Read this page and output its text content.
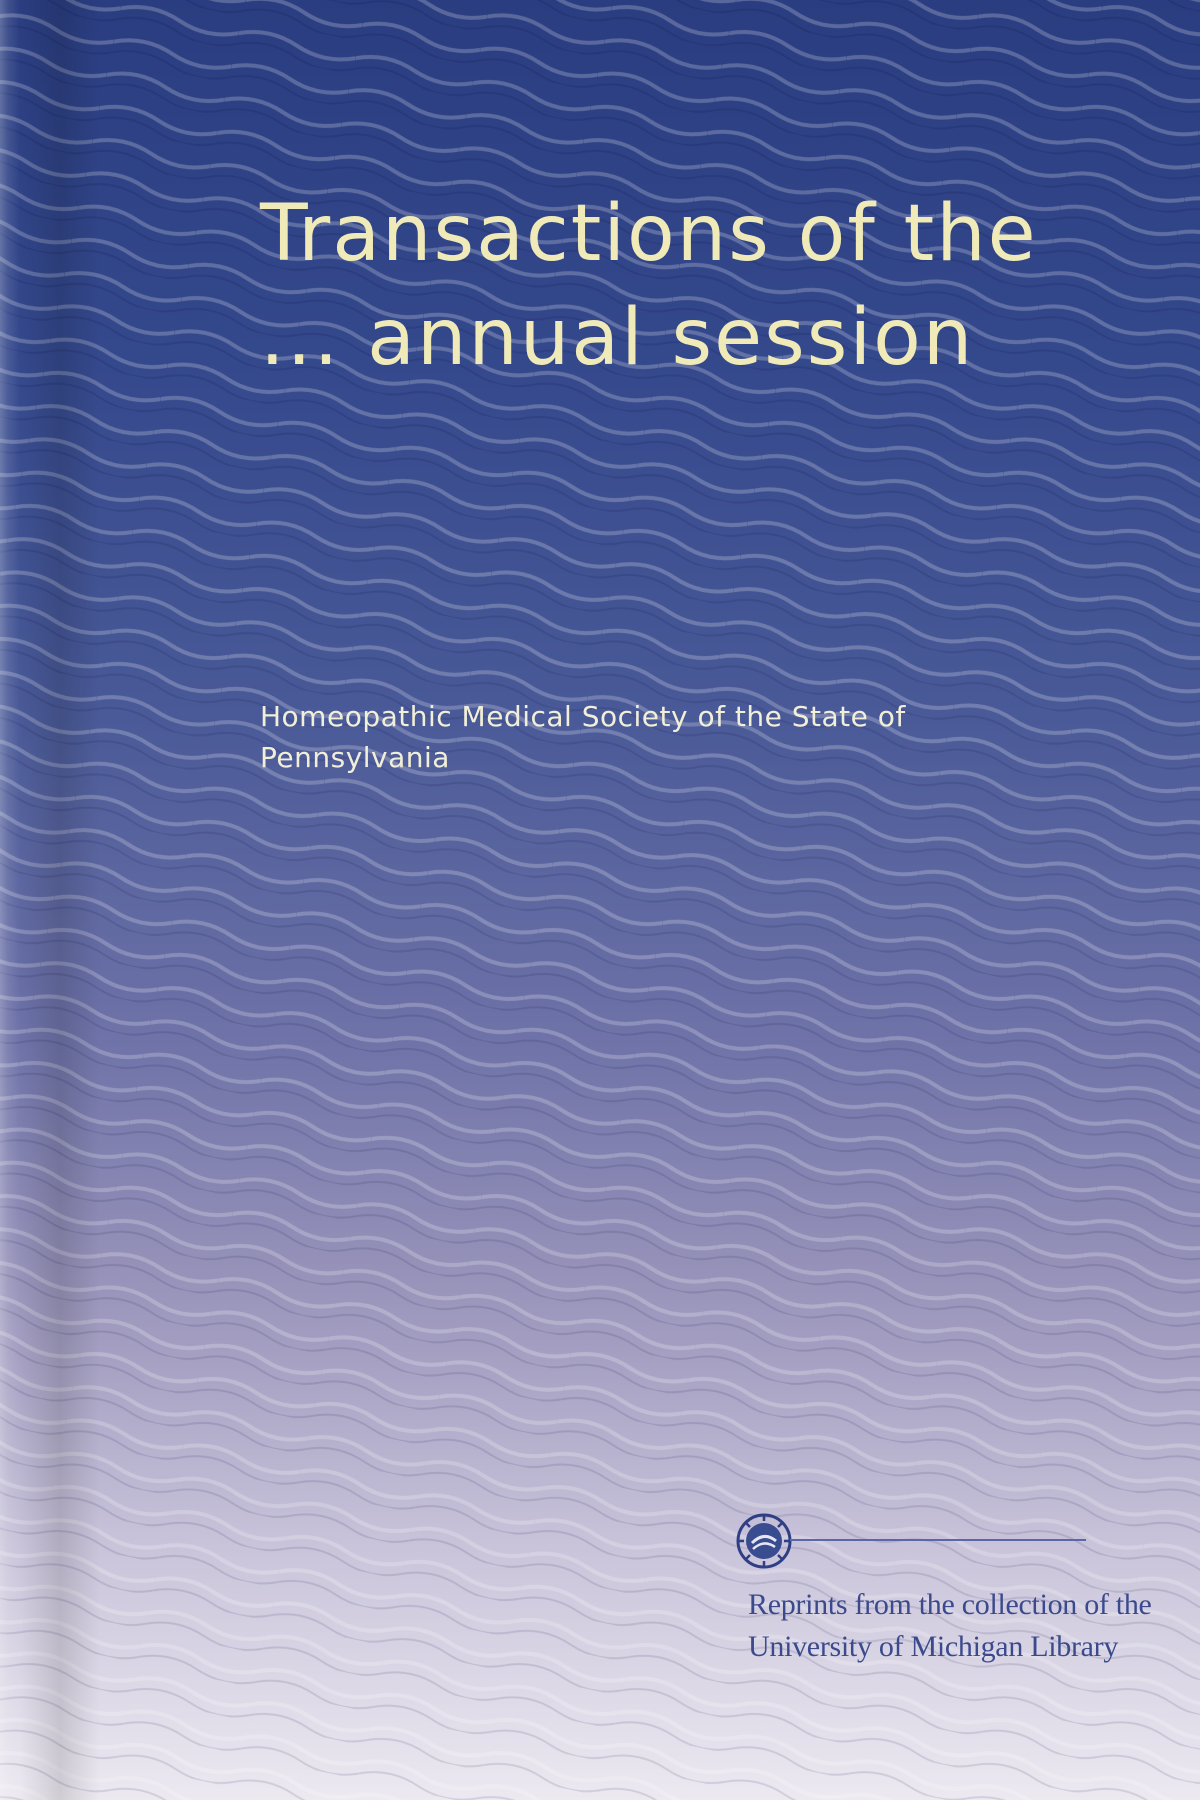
Transactions of the
... annual session

Homeopathic Medical Society of the State of
Pennsylvania

Reprints from the collection of the
University of Michigan Library
